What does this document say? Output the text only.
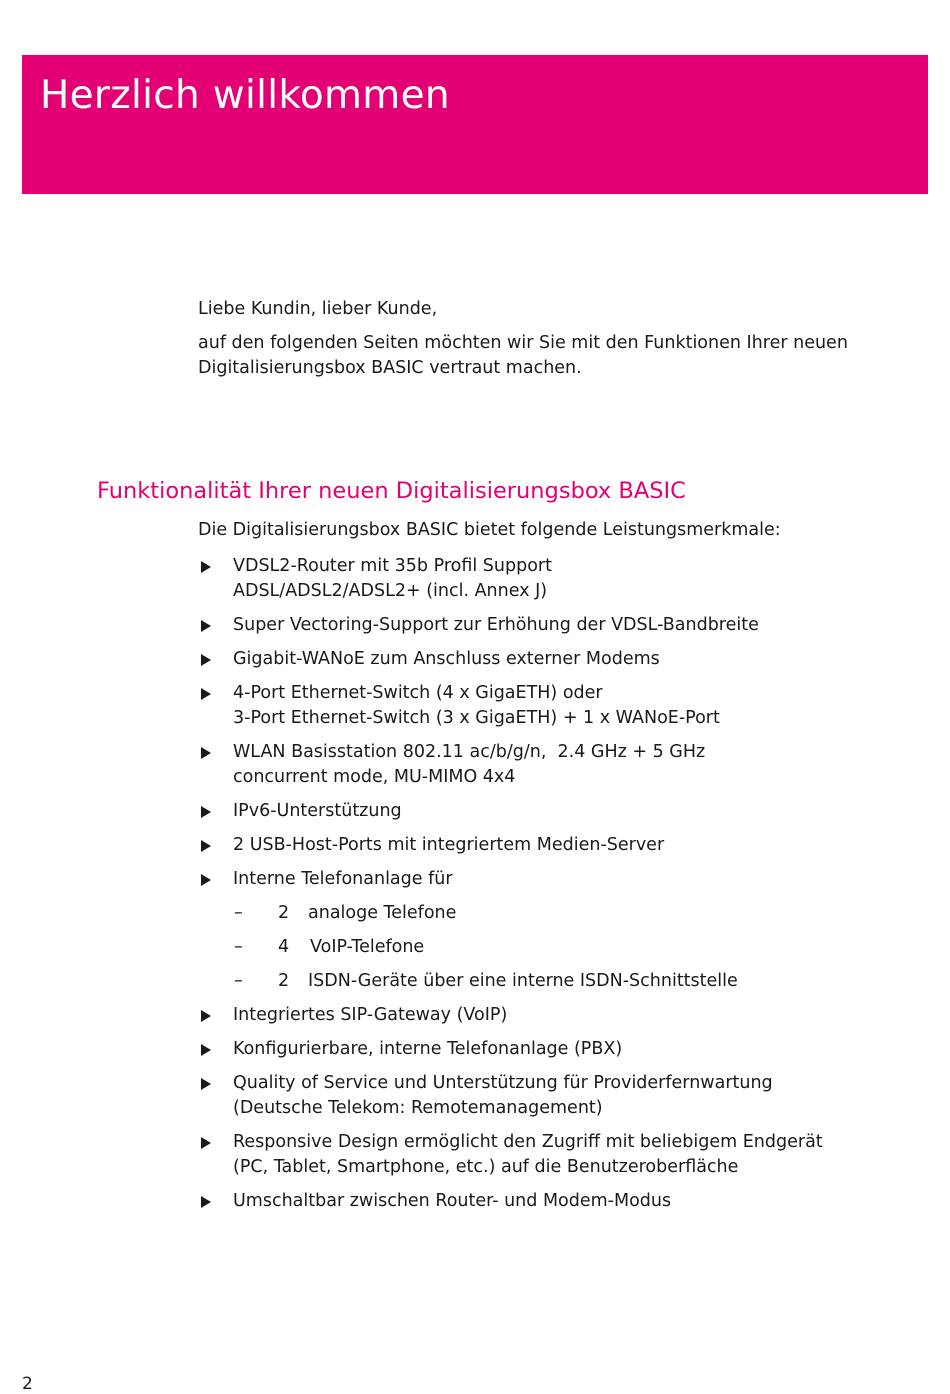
Herzlich willkommen

Liebe Kundin, lieber Kunde,

auf den folgenden Seiten möchten wir Sie mit den Funktionen Ihrer neuen
Digitalisierungsbox BASIC vertraut machen.

Funktionalität Ihrer neuen Digitalisierungsbox BASIC

Die Digitalisierungsbox BASIC bietet folgende Leistungsmerkmale:

VDSL2-Router mit 35b Profil Support
ADSL/ADSL2/ADSL2+ (incl. Annex J)
Super Vectoring-Support zur Erhöhung der VDSL-Bandbreite
Gigabit-WANoE zum Anschluss externer Modems
4-Port Ethernet-Switch (4 x GigaETH) oder
3-Port Ethernet-Switch (3 x GigaETH) + 1 x WANoE-Port
WLAN Basisstation 802.11 ac/b/g/n,  2.4 GHz + 5 GHz
concurrent mode, MU-MIMO 4x4
IPv6-Unterstützung
2 USB-Host-Ports mit integriertem Medien-Server
Interne Telefonanlage für
– 2 analoge Telefone
– 4 VoIP-Telefone
– 2 ISDN-Geräte über eine interne ISDN-Schnittstelle
Integriertes SIP-Gateway (VoIP)
Konfigurierbare, interne Telefonanlage (PBX)
Quality of Service und Unterstützung für Providerfernwartung
(Deutsche Telekom: Remotemanagement)
Responsive Design ermöglicht den Zugriff mit beliebigem Endgerät
(PC, Tablet, Smartphone, etc.) auf die Benutzeroberfläche
Umschaltbar zwischen Router- und Modem-Modus
2
